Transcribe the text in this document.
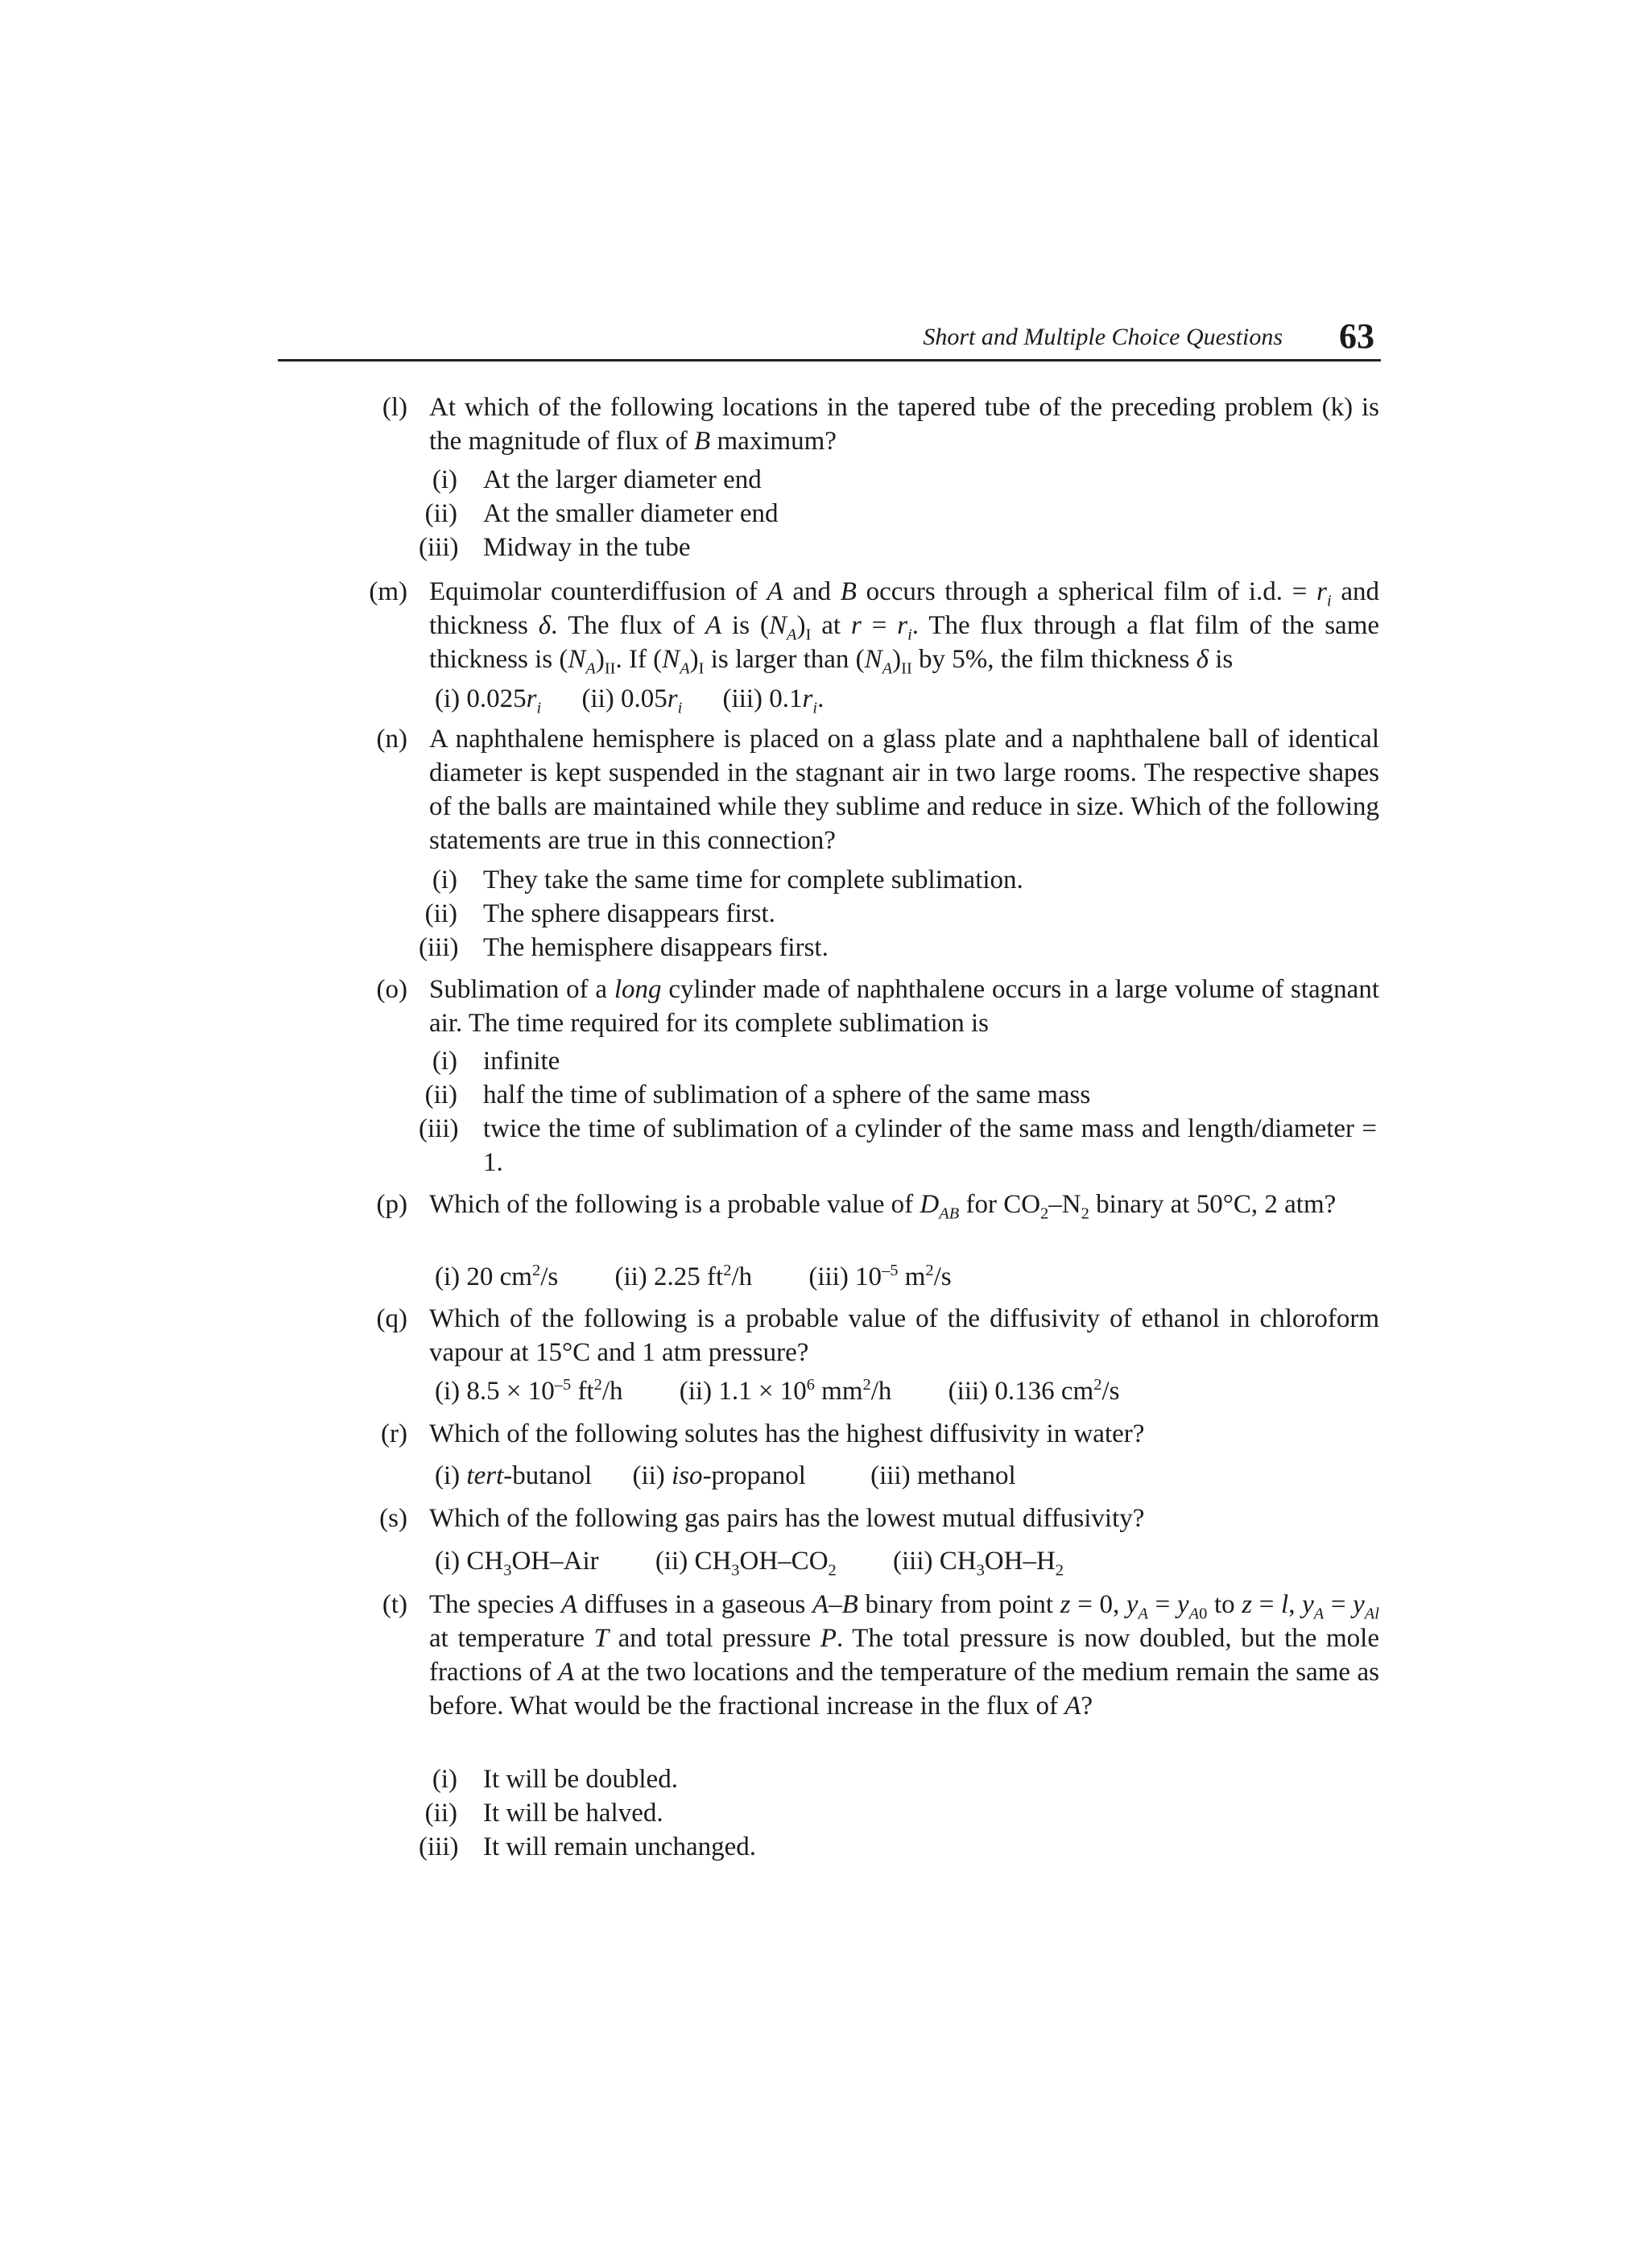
Short and Multiple Choice Questions 63
(l) At which of the following locations in the tapered tube of the preceding problem (k) is the magnitude of flux of B maximum?
(i) At the larger diameter end
(ii) At the smaller diameter end
(iii) Midway in the tube
(m) Equimolar counterdiffusion of A and B occurs through a spherical film of i.d. = $r_i$ and thickness δ. The flux of A is $(N_A)_I$ at $r = r_i$. The flux through a flat film of the same thickness is $(N_A)_{II}$. If $(N_A)_I$ is larger than $(N_A)_{II}$ by 5%, the film thickness δ is
(i) $0.025r_i$ (ii) $0.05r_i$ (iii) $0.1r_i$.
(n) A naphthalene hemisphere is placed on a glass plate and a naphthalene ball of identical diameter is kept suspended in the stagnant air in two large rooms. The respective shapes of the balls are maintained while they sublime and reduce in size. Which of the following statements are true in this connection?
(i) They take the same time for complete sublimation.
(ii) The sphere disappears first.
(iii) The hemisphere disappears first.
(o) Sublimation of a long cylinder made of naphthalene occurs in a large volume of stagnant air. The time required for its complete sublimation is
(i) infinite
(ii) half the time of sublimation of a sphere of the same mass
(iii) twice the time of sublimation of a cylinder of the same mass and length/diameter = 1.
(p) Which of the following is a probable value of $D_{AB}$ for $CO_2-N_2$ binary at 50°C, 2 atm?
(i) 20 $cm^2/s$ (ii) 2.25 $ft^2/h$ (iii) $10^{-5}$ $m^2/s$
(q) Which of the following is a probable value of the diffusivity of ethanol in chloroform vapour at 15°C and 1 atm pressure?
(i) $8.5 \times 10^{-5}$ $ft^2/h$ (ii) $1.1 \times 10^6$ $mm^2/h$ (iii) 0.136 $cm^2/s$
(r) Which of the following solutes has the highest diffusivity in water?
(i) tert-butanol (ii) iso-propanol (iii) methanol
(s) Which of the following gas pairs has the lowest mutual diffusivity?
(i) $CH_3OH$–Air (ii) $CH_3OH-CO_2$ (iii) $CH_3OH-H_2$
(t) The species A diffuses in a gaseous A–B binary from point z = 0, $y_A = y_{A0}$ to z = l, $y_A = y_{Al}$ at temperature T and total pressure P. The total pressure is now doubled, but the mole fractions of A at the two locations and the temperature of the medium remain the same as before. What would be the fractional increase in the flux of A?
(i) It will be doubled.
(ii) It will be halved.
(iii) It will remain unchanged.
